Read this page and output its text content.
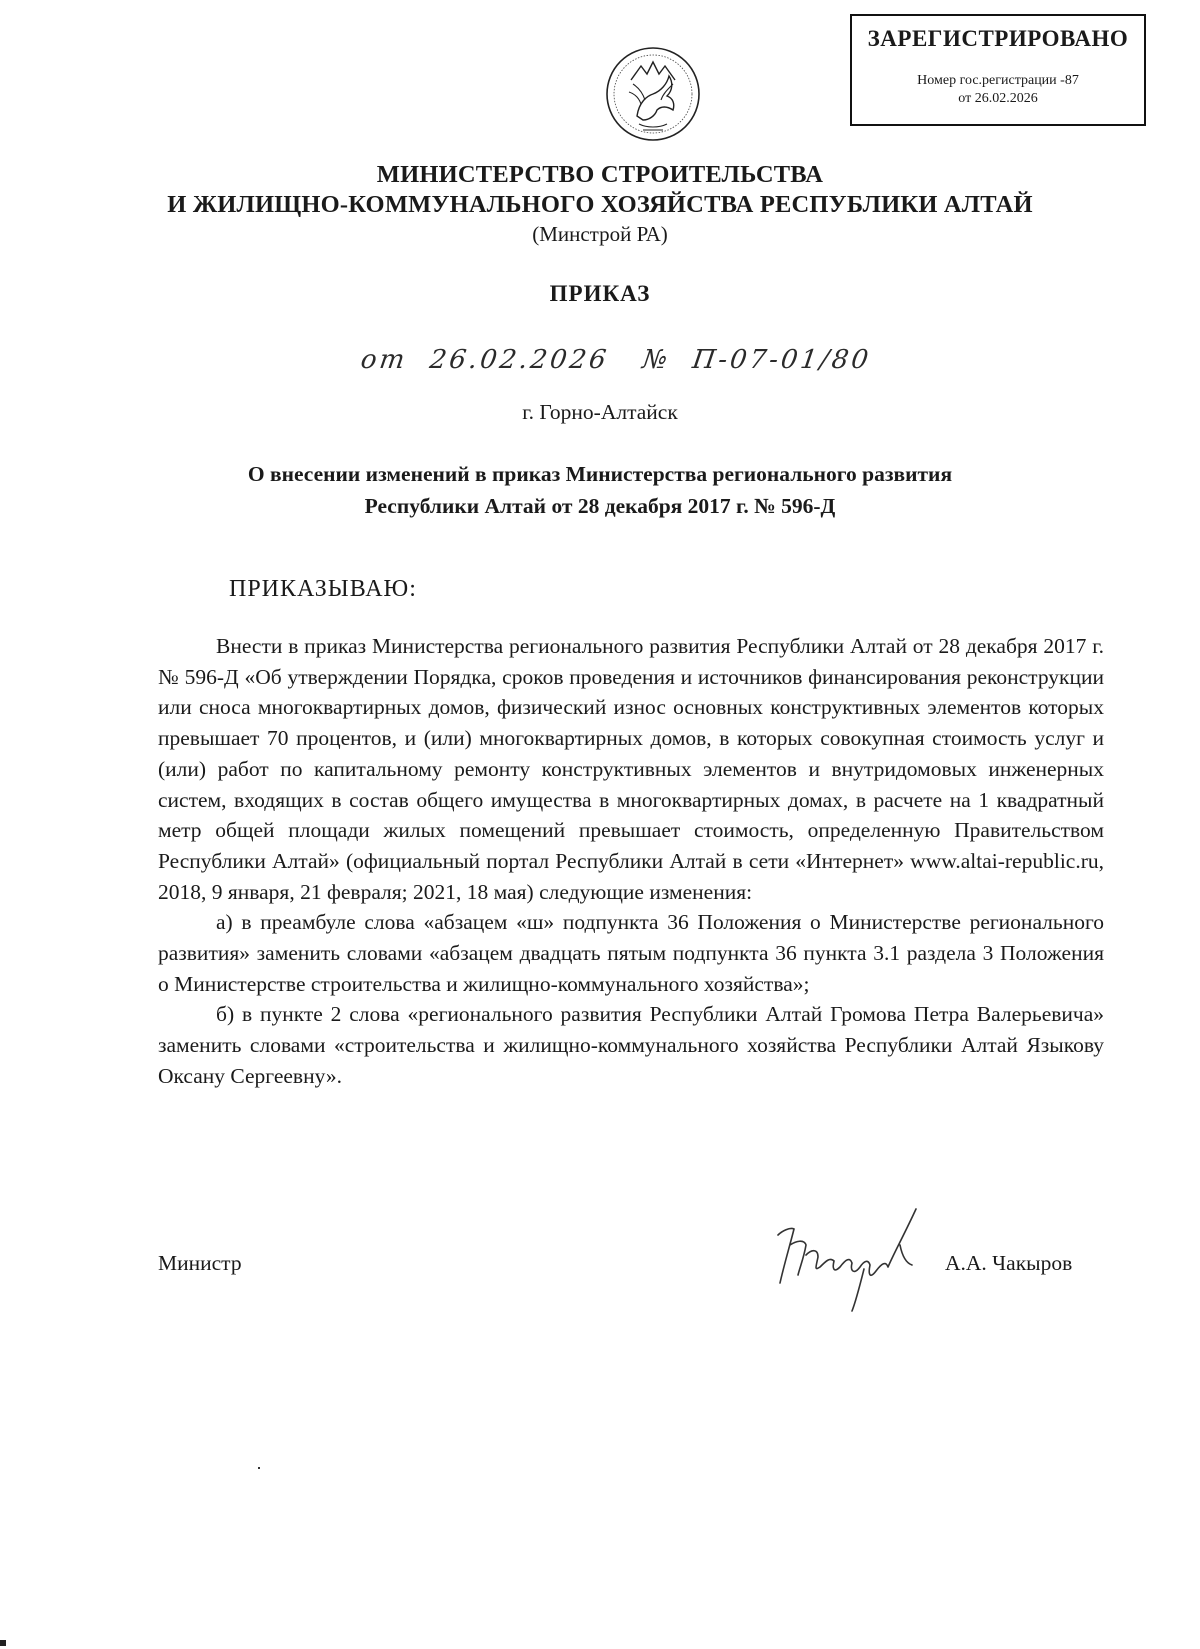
ЗАРЕГИСТРИРОВАНО
Номер гос.регистрации -87
от 26.02.2026
МИНИСТЕРСТВО СТРОИТЕЛЬСТВА
И ЖИЛИЩНО-КОММУНАЛЬНОГО ХОЗЯЙСТВА РЕСПУБЛИКИ АЛТАЙ
(Минстрой РА)
ПРИКАЗ
от 26.02.2026 № П-07-01/80
г. Горно-Алтайск
О внесении изменений в приказ Министерства регионального развития
Республики Алтай от 28 декабря 2017 г. № 596-Д
ПРИКАЗЫВАЮ:

Внести в приказ Министерства регионального развития Республики Алтай от 28 декабря 2017 г. № 596-Д «Об утверждении Порядка, сроков проведения и источников финансирования реконструкции или сноса многоквартирных домов, физический износ основных конструктивных элементов которых превышает 70 процентов, и (или) многоквартирных домов, в которых совокупная стоимость услуг и (или) работ по капитальному ремонту конструктивных элементов и внутридомовых инженерных систем, входящих в состав общего имущества в многоквартирных домах, в расчете на 1 квадратный метр общей площади жилых помещений превышает стоимость, определенную Правительством Республики Алтай» (официальный портал Республики Алтай в сети «Интернет» www.altai-republic.ru, 2018, 9 января, 21 февраля; 2021, 18 мая) следующие изменения:

а) в преамбуле слова «абзацем «ш» подпункта 36 Положения о Министерстве регионального развития» заменить словами «абзацем двадцать пятым подпункта 36 пункта 3.1 раздела 3 Положения о Министерстве строительства и жилищно-коммунального хозяйства»;

б) в пункте 2 слова «регионального развития Республики Алтай Громова Петра Валерьевича» заменить словами «строительства и жилищно-коммунального хозяйства Республики Алтай Языкову Оксану Сергеевну».

Министр	А.А. Чакыров
